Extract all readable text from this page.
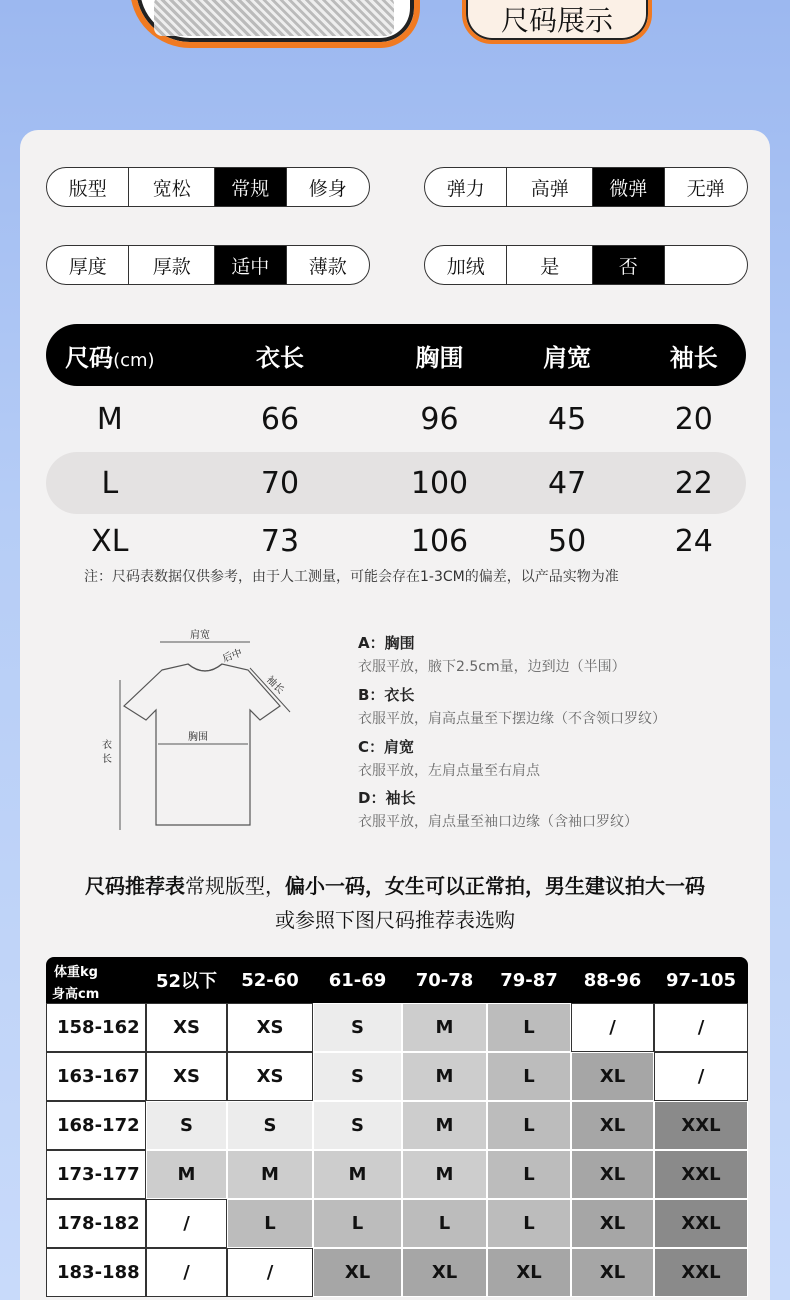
尺码展示
版型	宽松	常规	修身	弹力	高弹	微弹	无弹
厚度	厚款	适中	薄款	加绒	是	否
尺码(cm)	衣长	胸围	肩宽	袖长
M	66	96	45	20
L	70	100	47	22
XL	73	106	50	24
注：尺码表数据仅供参考，由于人工测量，可能会存在1-3CM的偏差，以产品实物为准
肩宽
后中
袖长
胸围
衣
长
A：胸围
衣服平放，腋下2.5cm量，边到边（半围）
B：衣长
衣服平放，肩高点量至下摆边缘（不含领口罗纹）
C：肩宽
衣服平放，左肩点量至右肩点
D：袖长
衣服平放，肩点量至袖口边缘（含袖口罗纹）
尺码推荐表常规版型，偏小一码，女生可以正常拍，男生建议拍大一码
或参照下图尺码推荐表选购
体重kg
身高cm
52以下	52-60	61-69	70-78	79-87	88-96	97-105
158-162	XS	XS	S	M	L	/	/
163-167	XS	XS	S	M	L	XL	/
168-172	S	S	S	M	L	XL	XXL
173-177	M	M	M	M	L	XL	XXL
178-182	/	L	L	L	L	XL	XXL
183-188	/	/	XL	XL	XL	XL	XXL
